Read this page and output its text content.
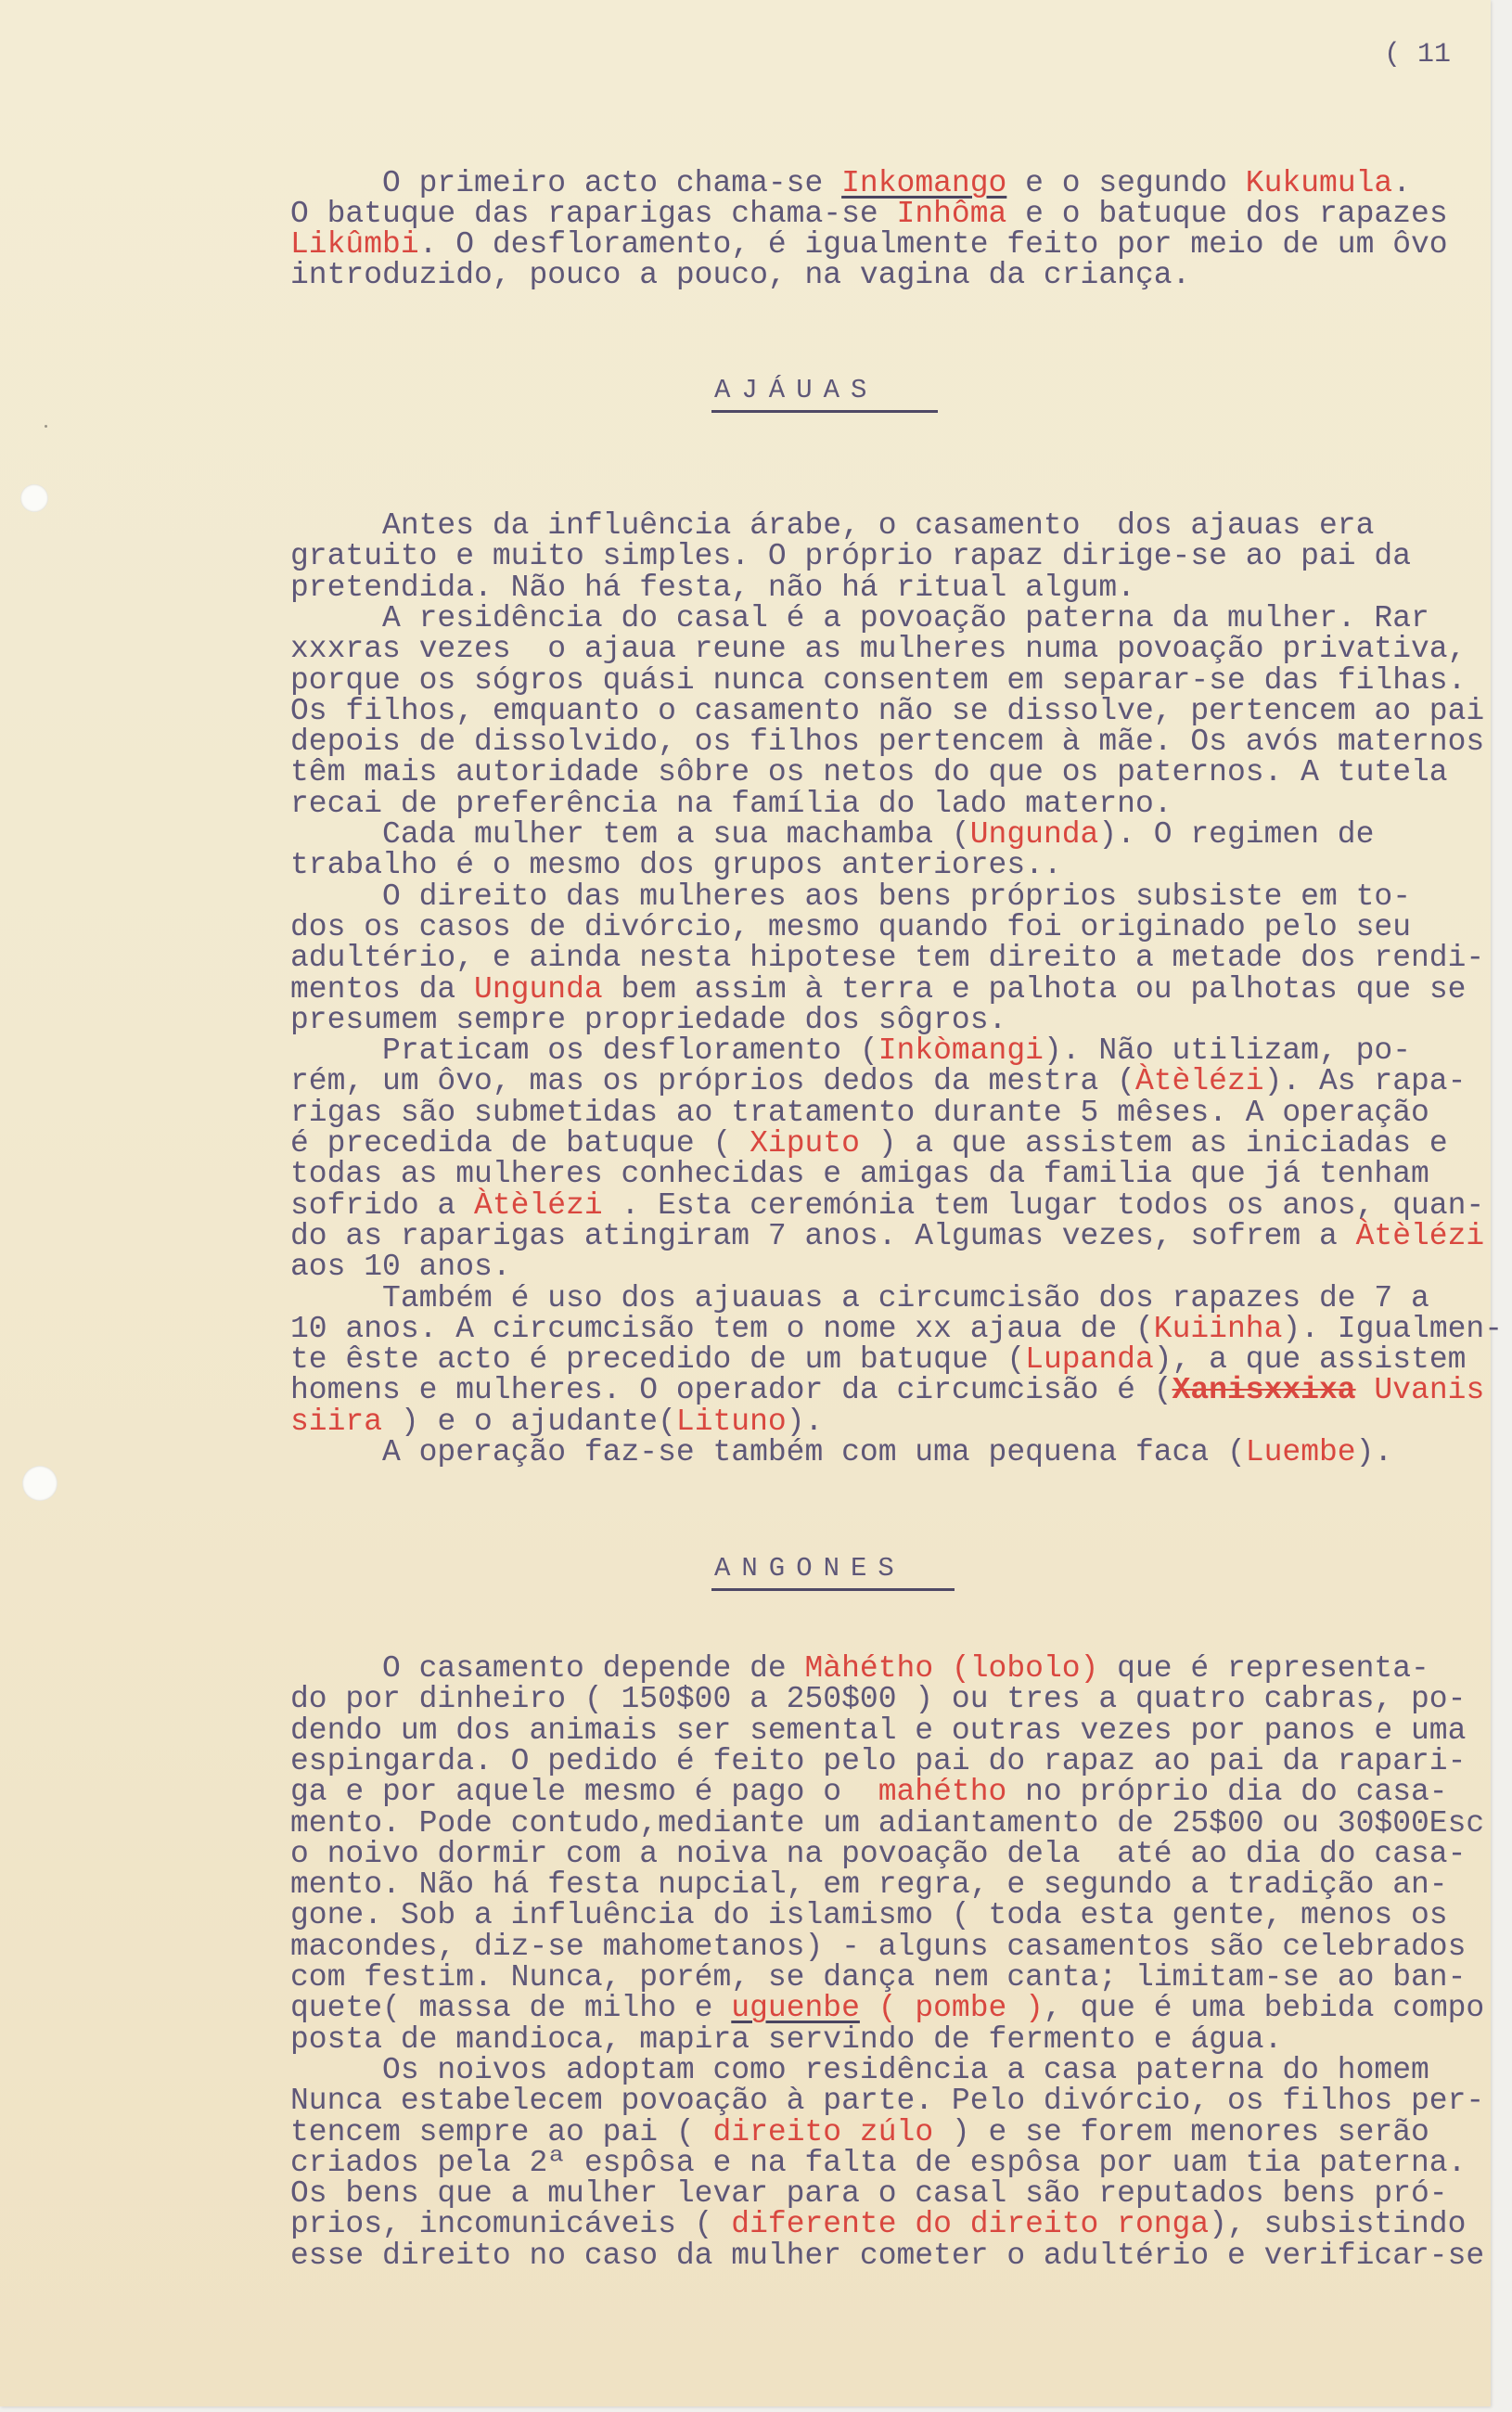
( 11

O primeiro acto chama-se Inkomango e o segundo Kukumula.
O batuque das raparigas chama-se Inhôma e o batuque dos rapazes
Likûmbi. O desfloramento, é igualmente feito por meio de um ôvo
introduzido, pouco a pouco, na vagina da criança.

AJÁUAS

Antes da influência árabe, o casamento  dos ajauas era
gratuito e muito simples. O próprio rapaz dirige-se ao pai da
pretendida. Não há festa, não há ritual algum.
A residência do casal é a povoação paterna da mulher. Rar
xxxras vezes  o ajaua reune as mulheres numa povoação privativa,
porque os sógros quási nunca consentem em separar-se das filhas.
Os filhos, emquanto o casamento não se dissolve, pertencem ao pai
depois de dissolvido, os filhos pertencem à mãe. Os avós maternos
têm mais autoridade sôbre os netos do que os paternos. A tutela
recai de preferência na família do lado materno.
Cada mulher tem a sua machamba (Ungunda). O regimen de
trabalho é o mesmo dos grupos anteriores..
O direito das mulheres aos bens próprios subsiste em to-
dos os casos de divórcio, mesmo quando foi originado pelo seu
adultério, e ainda nesta hipotese tem direito a metade dos rendi-
mentos da Ungunda bem assim à terra e palhota ou palhotas que se
presumem sempre propriedade dos sôgros.
Praticam os desfloramento (Inkòmangi). Não utilizam, po-
rém, um ôvo, mas os próprios dedos da mestra (Àtèlézi). As rapa-
rigas são submetidas ao tratamento durante 5 mêses. A operação
é precedida de batuque ( Xiputo ) a que assistem as iniciadas e
todas as mulheres conhecidas e amigas da familia que já tenham
sofrido a Àtèlézi . Esta ceremónia tem lugar todos os anos, quan-
do as raparigas atingiram 7 anos. Algumas vezes, sofrem a Àtèlézi
aos 10 anos.
Também é uso dos ajuauas a circumcisão dos rapazes de 7 a
10 anos. A circumcisão tem o nome xx ajaua de (Kuiinha). Igualmen-
te êste acto é precedido de um batuque (Lupanda), a que assistem
homens e mulheres. O operador da circumcisão é (Xanisxxixa Uvanis
siira ) e o ajudante(Lituno).
A operação faz-se também com uma pequena faca (Luembe).

ANGONES

O casamento depende de Màhétho (lobolo) que é representa-
do por dinheiro ( 150$00 a 250$00 ) ou tres a quatro cabras, po-
dendo um dos animais ser semental e outras vezes por panos e uma
espingarda. O pedido é feito pelo pai do rapaz ao pai da rapari-
ga e por aquele mesmo é pago o  mahétho no próprio dia do casa-
mento. Pode contudo,mediante um adiantamento de 25$00 ou 30$00Esc
o noivo dormir com a noiva na povoação dela  até ao dia do casa-
mento. Não há festa nupcial, em regra, e segundo a tradição an-
gone. Sob a influência do islamismo ( toda esta gente, menos os
macondes, diz-se mahometanos) - alguns casamentos são celebrados
com festim. Nunca, porém, se dança nem canta; limitam-se ao ban-
quete( massa de milho e uguenbe ( pombe ), que é uma bebida compo
posta de mandioca, mapira servindo de fermento e água.
Os noivos adoptam como residência a casa paterna do homem
Nunca estabelecem povoação à parte. Pelo divórcio, os filhos per-
tencem sempre ao pai ( direito zúlo ) e se forem menores serão
criados pela 2ª espôsa e na falta de espôsa por uam tia paterna.
Os bens que a mulher levar para o casal são reputados bens pró-
prios, incomunicáveis ( diferente do direito ronga), subsistindo
esse direito no caso da mulher cometer o adultério e verificar-se
